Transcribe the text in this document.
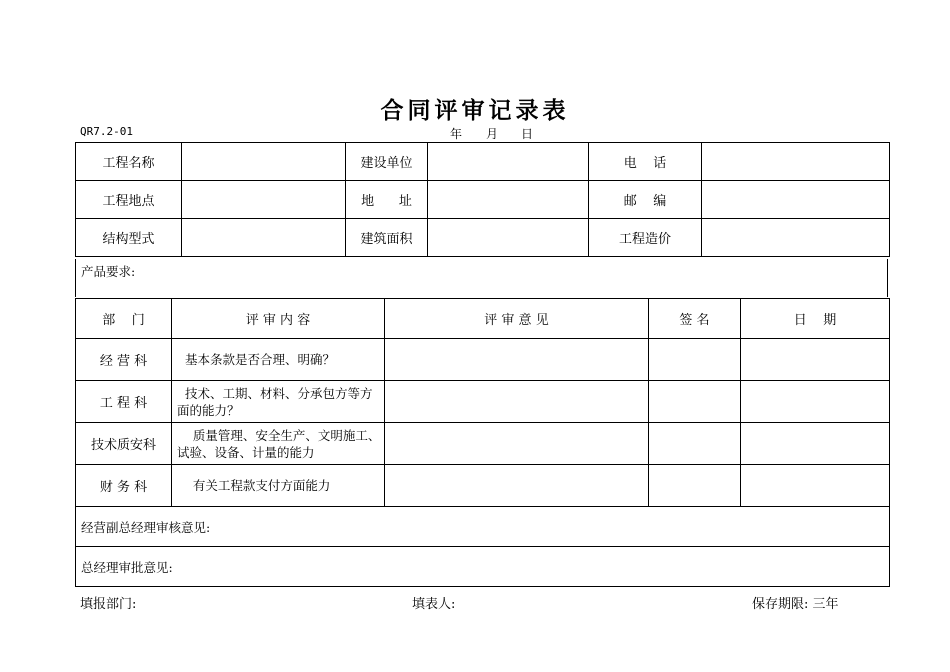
合同评审记录表
QR7.2-01	年 月 日
工程名称		建设单位		电    话	
工程地点		地      址		邮    编	
结构型式		建筑面积		工程造价	
产品要求:
部    门	评 审 内 容	评 审 意 见	签 名	日    期
经 营 科	基本条款是否合理、明确？			
工 程 科	技术、工期、材料、分承包方等方面的能力？			
技术质安科	质量管理、安全生产、文明施工、试验、设备、计量的能力			
财 务 科	有关工程款支付方面能力			
经营副总经理审核意见:				
总经理审批意见:				
填报部门:	填表人:	保存期限: 三年
